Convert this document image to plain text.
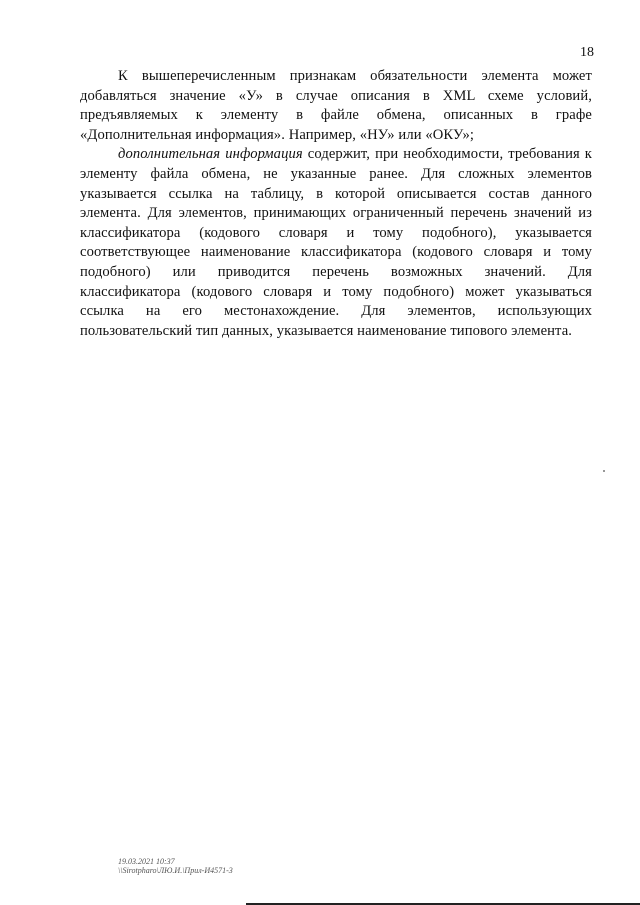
18
К вышеперечисленным признакам обязательности элемента может
добавляться значение «У» в случае описания в XML схеме условий,
предъявляемых к элементу в файле обмена, описанных в графе
«Дополнительная информация». Например, «НУ» или «ОКУ»;
дополнительная информация содержит, при необходимости, требования к
элементу файла обмена, не указанные ранее. Для сложных элементов
указывается ссылка на таблицу, в которой описывается состав данного
элемента. Для элементов, принимающих ограниченный перечень значений из
классификатора (кодового словаря и тому подобного), указывается
соответствующее наименование классификатора (кодового словаря и тому
подобного) или приводится перечень возможных значений. Для
классификатора (кодового словаря и тому подобного) может указываться
ссылка на его местонахождение. Для элементов, использующих
пользовательский тип данных, указывается наименование типового элемента.
19.03.2021 10:37
\\Sirotpharo\ЛЮ.И.\Прил-И4571-3
